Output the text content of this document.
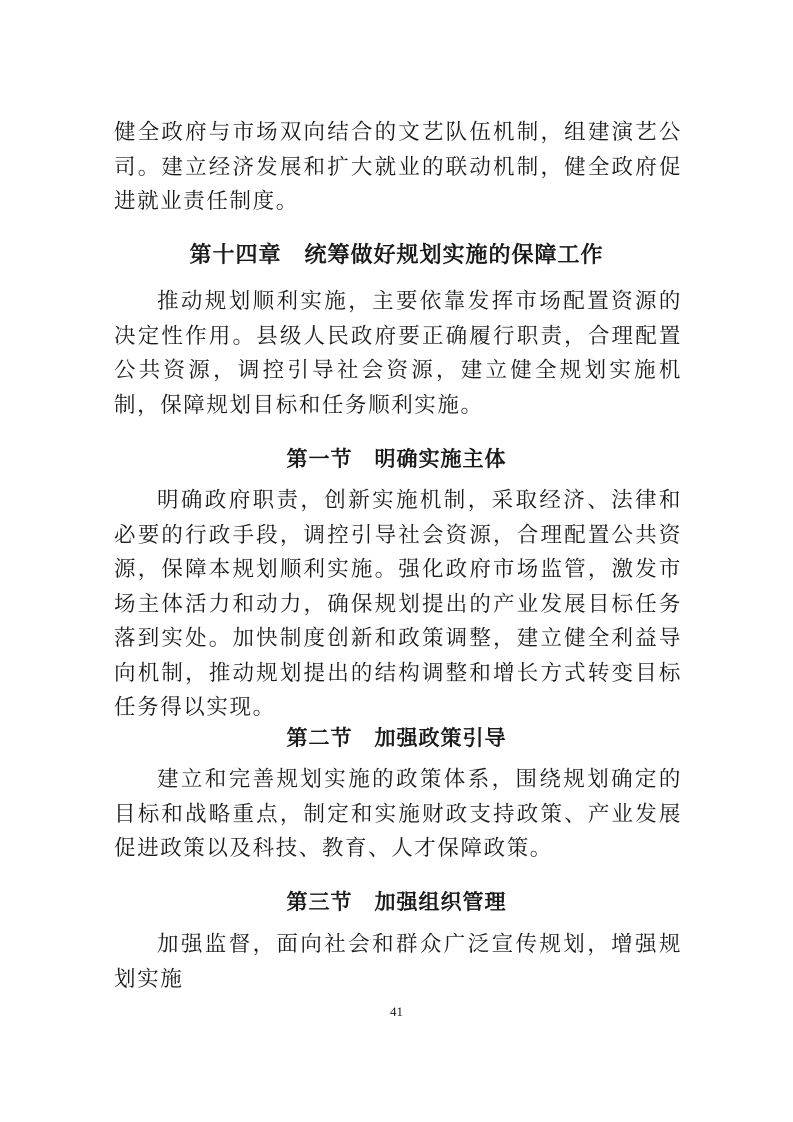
健全政府与市场双向结合的文艺队伍机制，组建演艺公司。建立经济发展和扩大就业的联动机制，健全政府促进就业责任制度。

第十四章　统筹做好规划实施的保障工作

推动规划顺利实施，主要依靠发挥市场配置资源的决定性作用。县级人民政府要正确履行职责，合理配置公共资源，调控引导社会资源，建立健全规划实施机制，保障规划目标和任务顺利实施。

第一节　明确实施主体

明确政府职责，创新实施机制，采取经济、法律和必要的行政手段，调控引导社会资源，合理配置公共资源，保障本规划顺利实施。强化政府市场监管，激发市场主体活力和动力，确保规划提出的产业发展目标任务落到实处。加快制度创新和政策调整，建立健全利益导向机制，推动规划提出的结构调整和增长方式转变目标任务得以实现。

第二节　加强政策引导

建立和完善规划实施的政策体系，围绕规划确定的目标和战略重点，制定和实施财政支持政策、产业发展促进政策以及科技、教育、人才保障政策。

第三节　加强组织管理

加强监督，面向社会和群众广泛宣传规划，增强规划实施

41
